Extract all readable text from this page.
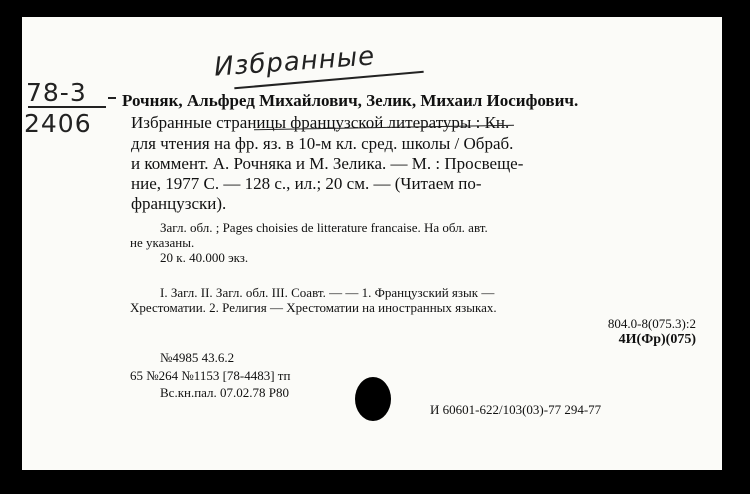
Избранные
78-3
2406
Рочняк, Альфред Михайлович, Зелик, Михаил Иосифович.
Избранные страницы французской литературы : Кн.
для чтения на фр. яз. в 10-м кл. сред. школы / Обраб.
и коммент. А. Рочняка и М. Зелика. — М. : Просвеще-
ние, 1977 С. — 128 с., ил.; 20 см. — (Читаем по-
французски).
Загл. обл. ; Pages choisies de litterature francaise. На обл. авт.
не указаны.
20 к. 40.000 экз.
I. Загл. II. Загл. обл. III. Соавт. — — 1. Французский язык —
Хрестоматии. 2. Религия — Хрестоматии на иностранных языках.
804.0-8(075.3):2
4И(Фр)(075)
№4985 43.6.2
65 №264 №1153 [78-4483] тп
Вс.кн.пал. 07.02.78 Р80
И 60601-622/103(03)-77 294-77
